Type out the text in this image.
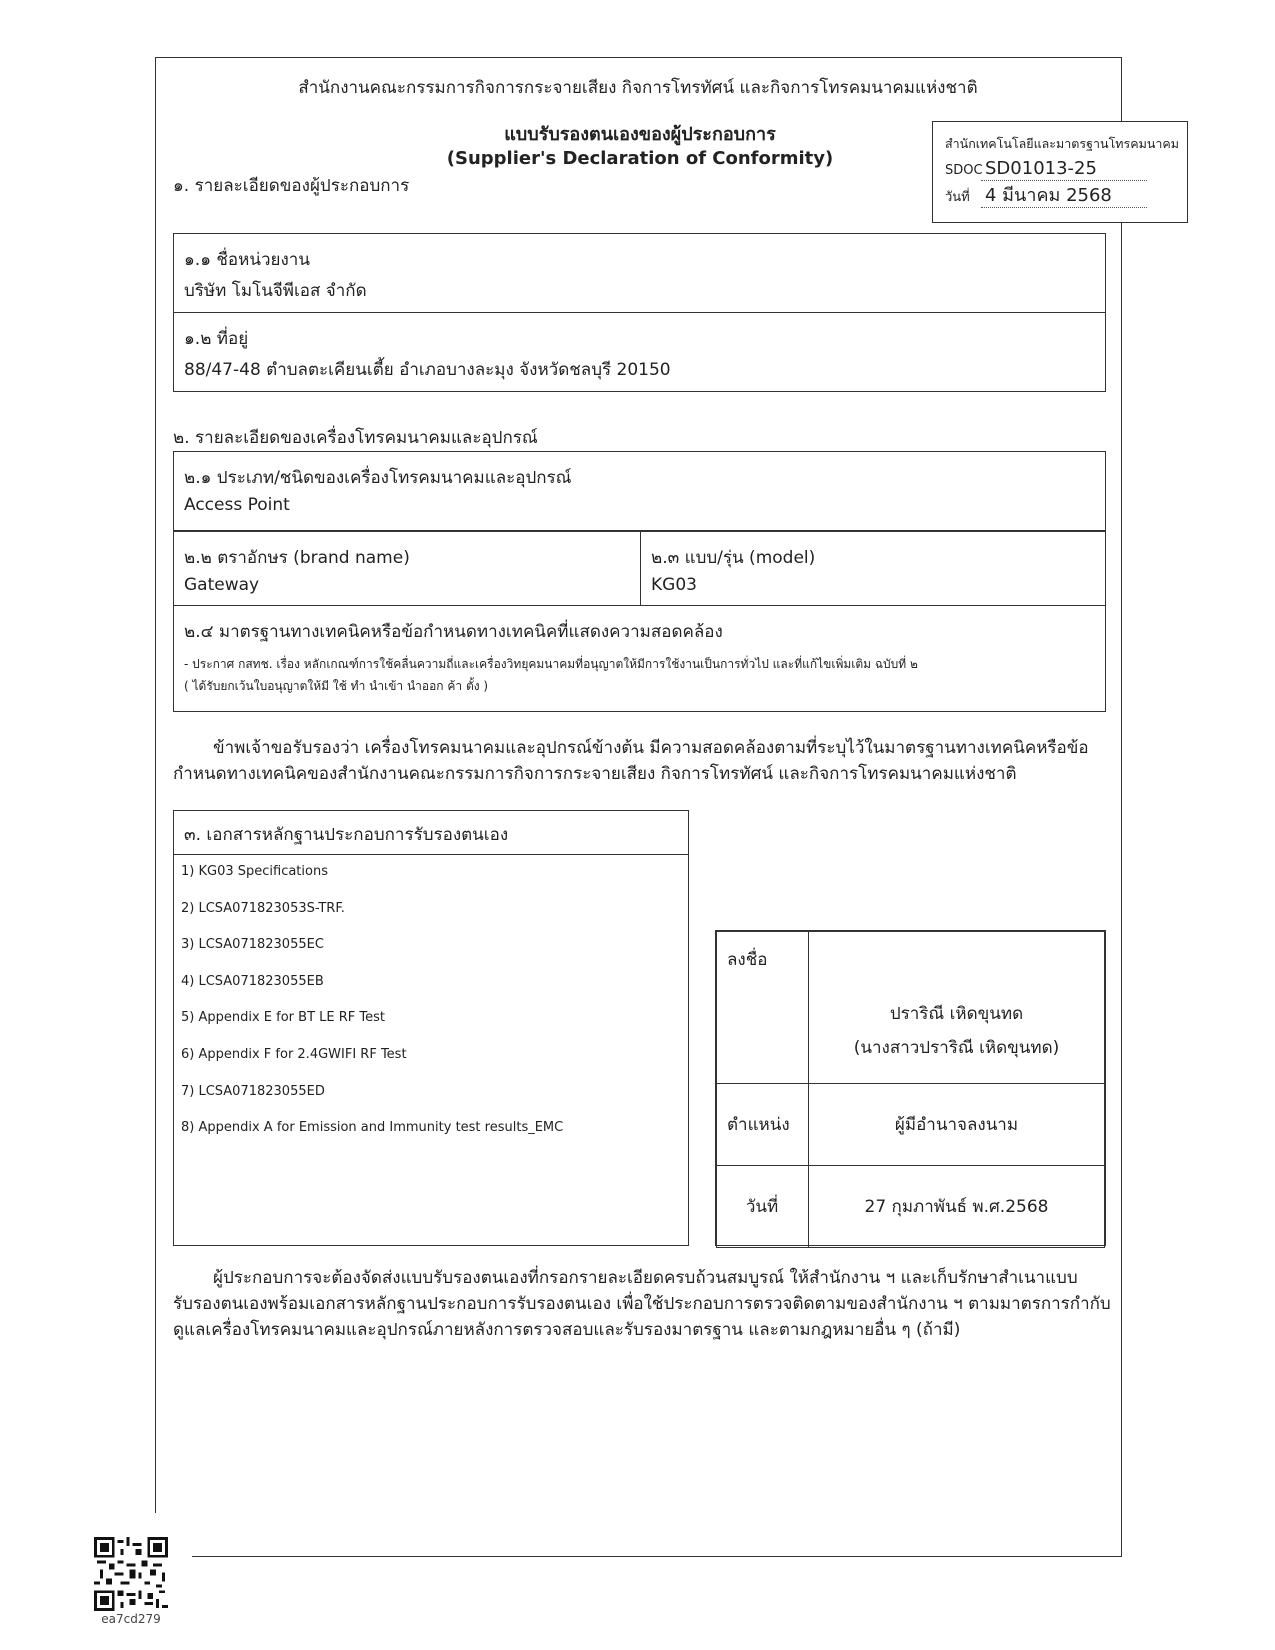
สำนักงานคณะกรรมการกิจการกระจายเสียง กิจการโทรทัศน์ และกิจการโทรคมนาคมแห่งชาติ
แบบรับรองตนเองของผู้ประกอบการ
(Supplier's Declaration of Conformity)
๑. รายละเอียดของผู้ประกอบการ
สำนักเทคโนโลยีและมาตรฐานโทรคมนาคม
SDOC SD01013-25
วันที่ 4 มีนาคม 2568
๑.๑ ชื่อหน่วยงาน
บริษัท โมโนจีพีเอส จำกัด
๑.๒ ที่อยู่
88/47-48 ตำบลตะเคียนเตี้ย อำเภอบางละมุง จังหวัดชลบุรี 20150
๒. รายละเอียดของเครื่องโทรคมนาคมและอุปกรณ์
๒.๑ ประเภท/ชนิดของเครื่องโทรคมนาคมและอุปกรณ์
Access Point
๒.๒ ตราอักษร (brand name)
Gateway
๒.๓ แบบ/รุ่น (model)
KG03
๒.๔ มาตรฐานทางเทคนิคหรือข้อกำหนดทางเทคนิคที่แสดงความสอดคล้อง
- ประกาศ กสทช. เรื่อง หลักเกณฑ์การใช้คลื่นความถี่และเครื่องวิทยุคมนาคมที่อนุญาตให้มีการใช้งานเป็นการทั่วไป และที่แก้ไขเพิ่มเติม ฉบับที่ ๒
( ได้รับยกเว้นใบอนุญาตให้มี ใช้ ทำ นำเข้า นำออก ค้า ตั้ง )
ข้าพเจ้าขอรับรองว่า เครื่องโทรคมนาคมและอุปกรณ์ข้างต้น มีความสอดคล้องตามที่ระบุไว้ในมาตรฐานทางเทคนิคหรือข้อกำหนดทางเทคนิคของสำนักงานคณะกรรมการกิจการกระจายเสียง กิจการโทรทัศน์ และกิจการโทรคมนาคมแห่งชาติ
๓. เอกสารหลักฐานประกอบการรับรองตนเอง
1) KG03 Specifications
2) LCSA071823053S-TRF.
3) LCSA071823055EC
4) LCSA071823055EB
5) Appendix E for BT LE RF Test
6) Appendix F for 2.4GWIFI RF Test
7) LCSA071823055ED
8) Appendix A for Emission and Immunity test results_EMC
ลงชื่อ	ปราริณี เหิดขุนทด
(นางสาวปราริณี เหิดขุนทด)

ตำแหน่ง	ผู้มีอำนาจลงนาม
วันที่	27 กุมภาพันธ์ พ.ศ.2568
ผู้ประกอบการจะต้องจัดส่งแบบรับรองตนเองที่กรอกรายละเอียดครบถ้วนสมบูรณ์ ให้สำนักงาน ฯ และเก็บรักษาสำเนาแบบรับรองตนเองพร้อมเอกสารหลักฐานประกอบการรับรองตนเอง เพื่อใช้ประกอบการตรวจติดตามของสำนักงาน ฯ ตามมาตรการกำกับดูแลเครื่องโทรคมนาคมและอุปกรณ์ภายหลังการตรวจสอบและรับรองมาตรฐาน และตามกฎหมายอื่น ๆ (ถ้ามี)
ea7cd279
